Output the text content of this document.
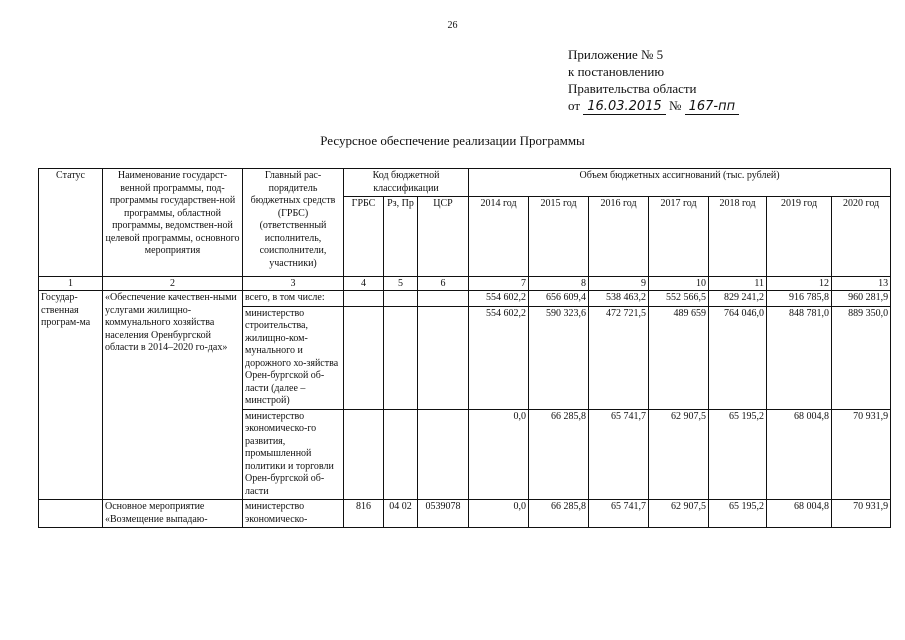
26
Приложение № 5
к постановлению
Правительства области
от 16.03.2015 № 167-пп
Ресурсное обеспечение реализации Программы
Статус	Наименование государст-венной программы, под-программы государствен-ной программы, областной программы, ведомствен-ной целевой программы, основного мероприятия	Главный рас-порядитель бюджетных средств (ГРБС) (ответственный исполнитель, соисполнители, участники)	Код бюджетной классификации			Объем бюджетных ассигнований (тыс. рублей)						
			ГРБС	Рз, Пр	ЦСР	2014 год	2015 год	2016 год	2017 год	2018 год	2019 год	2020 год
1	2	3	4	5	6	7	8	9	10	11	12	13
Государ-ственная програм-ма	«Обеспечение качествен-ными услугами жилищно-коммунального хозяйства населения Оренбургской области в 2014–2020 го-дах»	всего, в том числе:				554 602,2	656 609,4	538 463,2	552 566,5	829 241,2	916 785,8	960 281,9
		министерство строительства, жилищно-ком-мунального и дорожного хо-зяйства Орен-бургской об-ласти (далее – минстрой)				554 602,2	590 323,6	472 721,5	489 659	764 046,0	848 781,0	889 350,0
		министерство экономическо-го развития, промышленной политики и торговли Орен-бургской об-ласти				0,0	66 285,8	65 741,7	62 907,5	65 195,2	68 004,8	70 931,9
	Основное мероприятие «Возмещение выпадаю-	министерство экономическо-	816	04 02	0539078	0,0	66 285,8	65 741,7	62 907,5	65 195,2	68 004,8	70 931,9
